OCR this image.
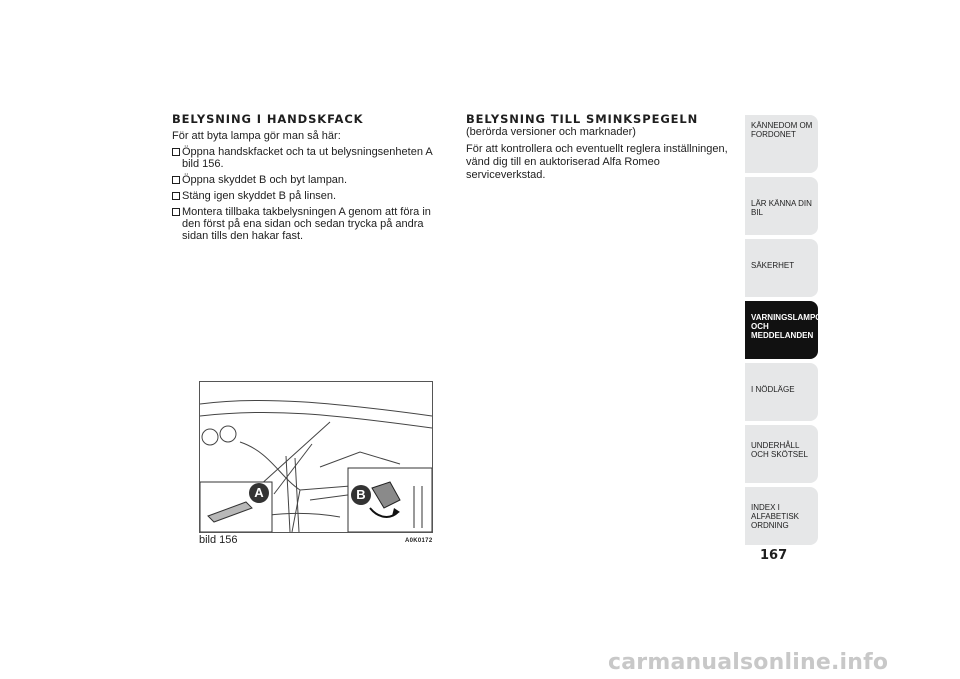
BELYSNING I HANDSKFACK

För att byta lampa gör man så här:

Öppna handskfacket och ta ut belysningsenheten A bild 156.
Öppna skyddet B och byt lampan.
Stäng igen skyddet B på linsen.
Montera tillbaka takbelysningen A genom att föra in den först på ena sidan och sedan trycka på andra sidan tills den hakar fast.
BELYSNING TILL SMINKSPEGELN

(berörda versioner och marknader)

För att kontrollera och eventuellt reglera inställningen, vänd dig till en auktoriserad Alfa Romeo serviceverkstad.

A	B
bild 156	A0K0172
KÄNNEDOM OM FORDONET
LÄR KÄNNA DIN BIL
SÄKERHET
VARNINGSLAMPOR OCH MEDDELANDEN
I NÖDLÄGE
UNDERHÅLL OCH SKÖTSEL
INDEX I ALFABETISK ORDNING
167
carmanualsonline.info
